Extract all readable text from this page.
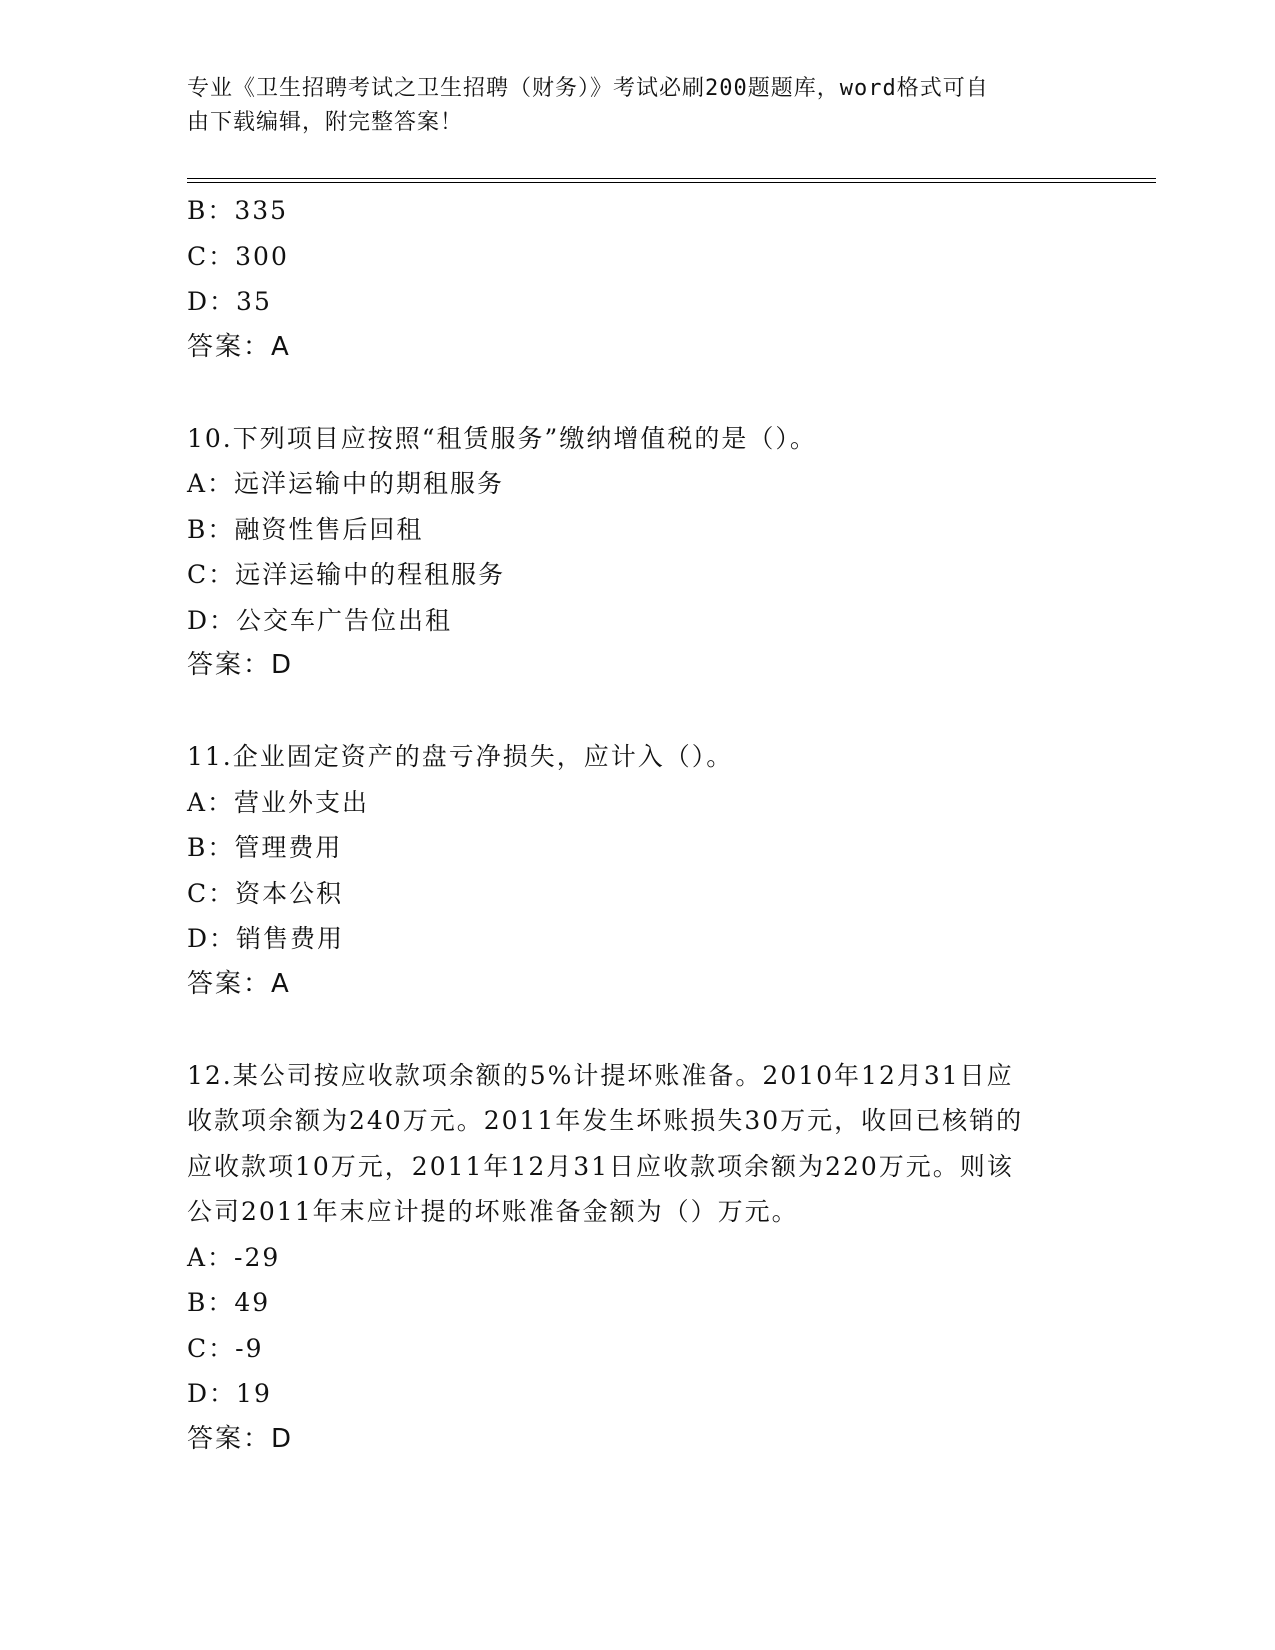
专业《卫生招聘考试之卫生招聘（财务）》考试必刷200题题库，word格式可自
由下载编辑，附完整答案！
B：335
C：300
D：35
答案：A
10.下列项目应按照“租赁服务”缴纳增值税的是（）。
A：远洋运输中的期租服务
B：融资性售后回租
C：远洋运输中的程租服务
D：公交车广告位出租
答案：D
11.企业固定资产的盘亏净损失，应计入（）。
A：营业外支出
B：管理费用
C：资本公积
D：销售费用
答案：A
12.某公司按应收款项余额的5%计提坏账准备。2010年12月31日应
收款项余额为240万元。2011年发生坏账损失30万元，收回已核销的
应收款项10万元，2011年12月31日应收款项余额为220万元。则该
公司2011年末应计提的坏账准备金额为（）万元。
A：-29
B：49
C：-9
D：19
答案：D
